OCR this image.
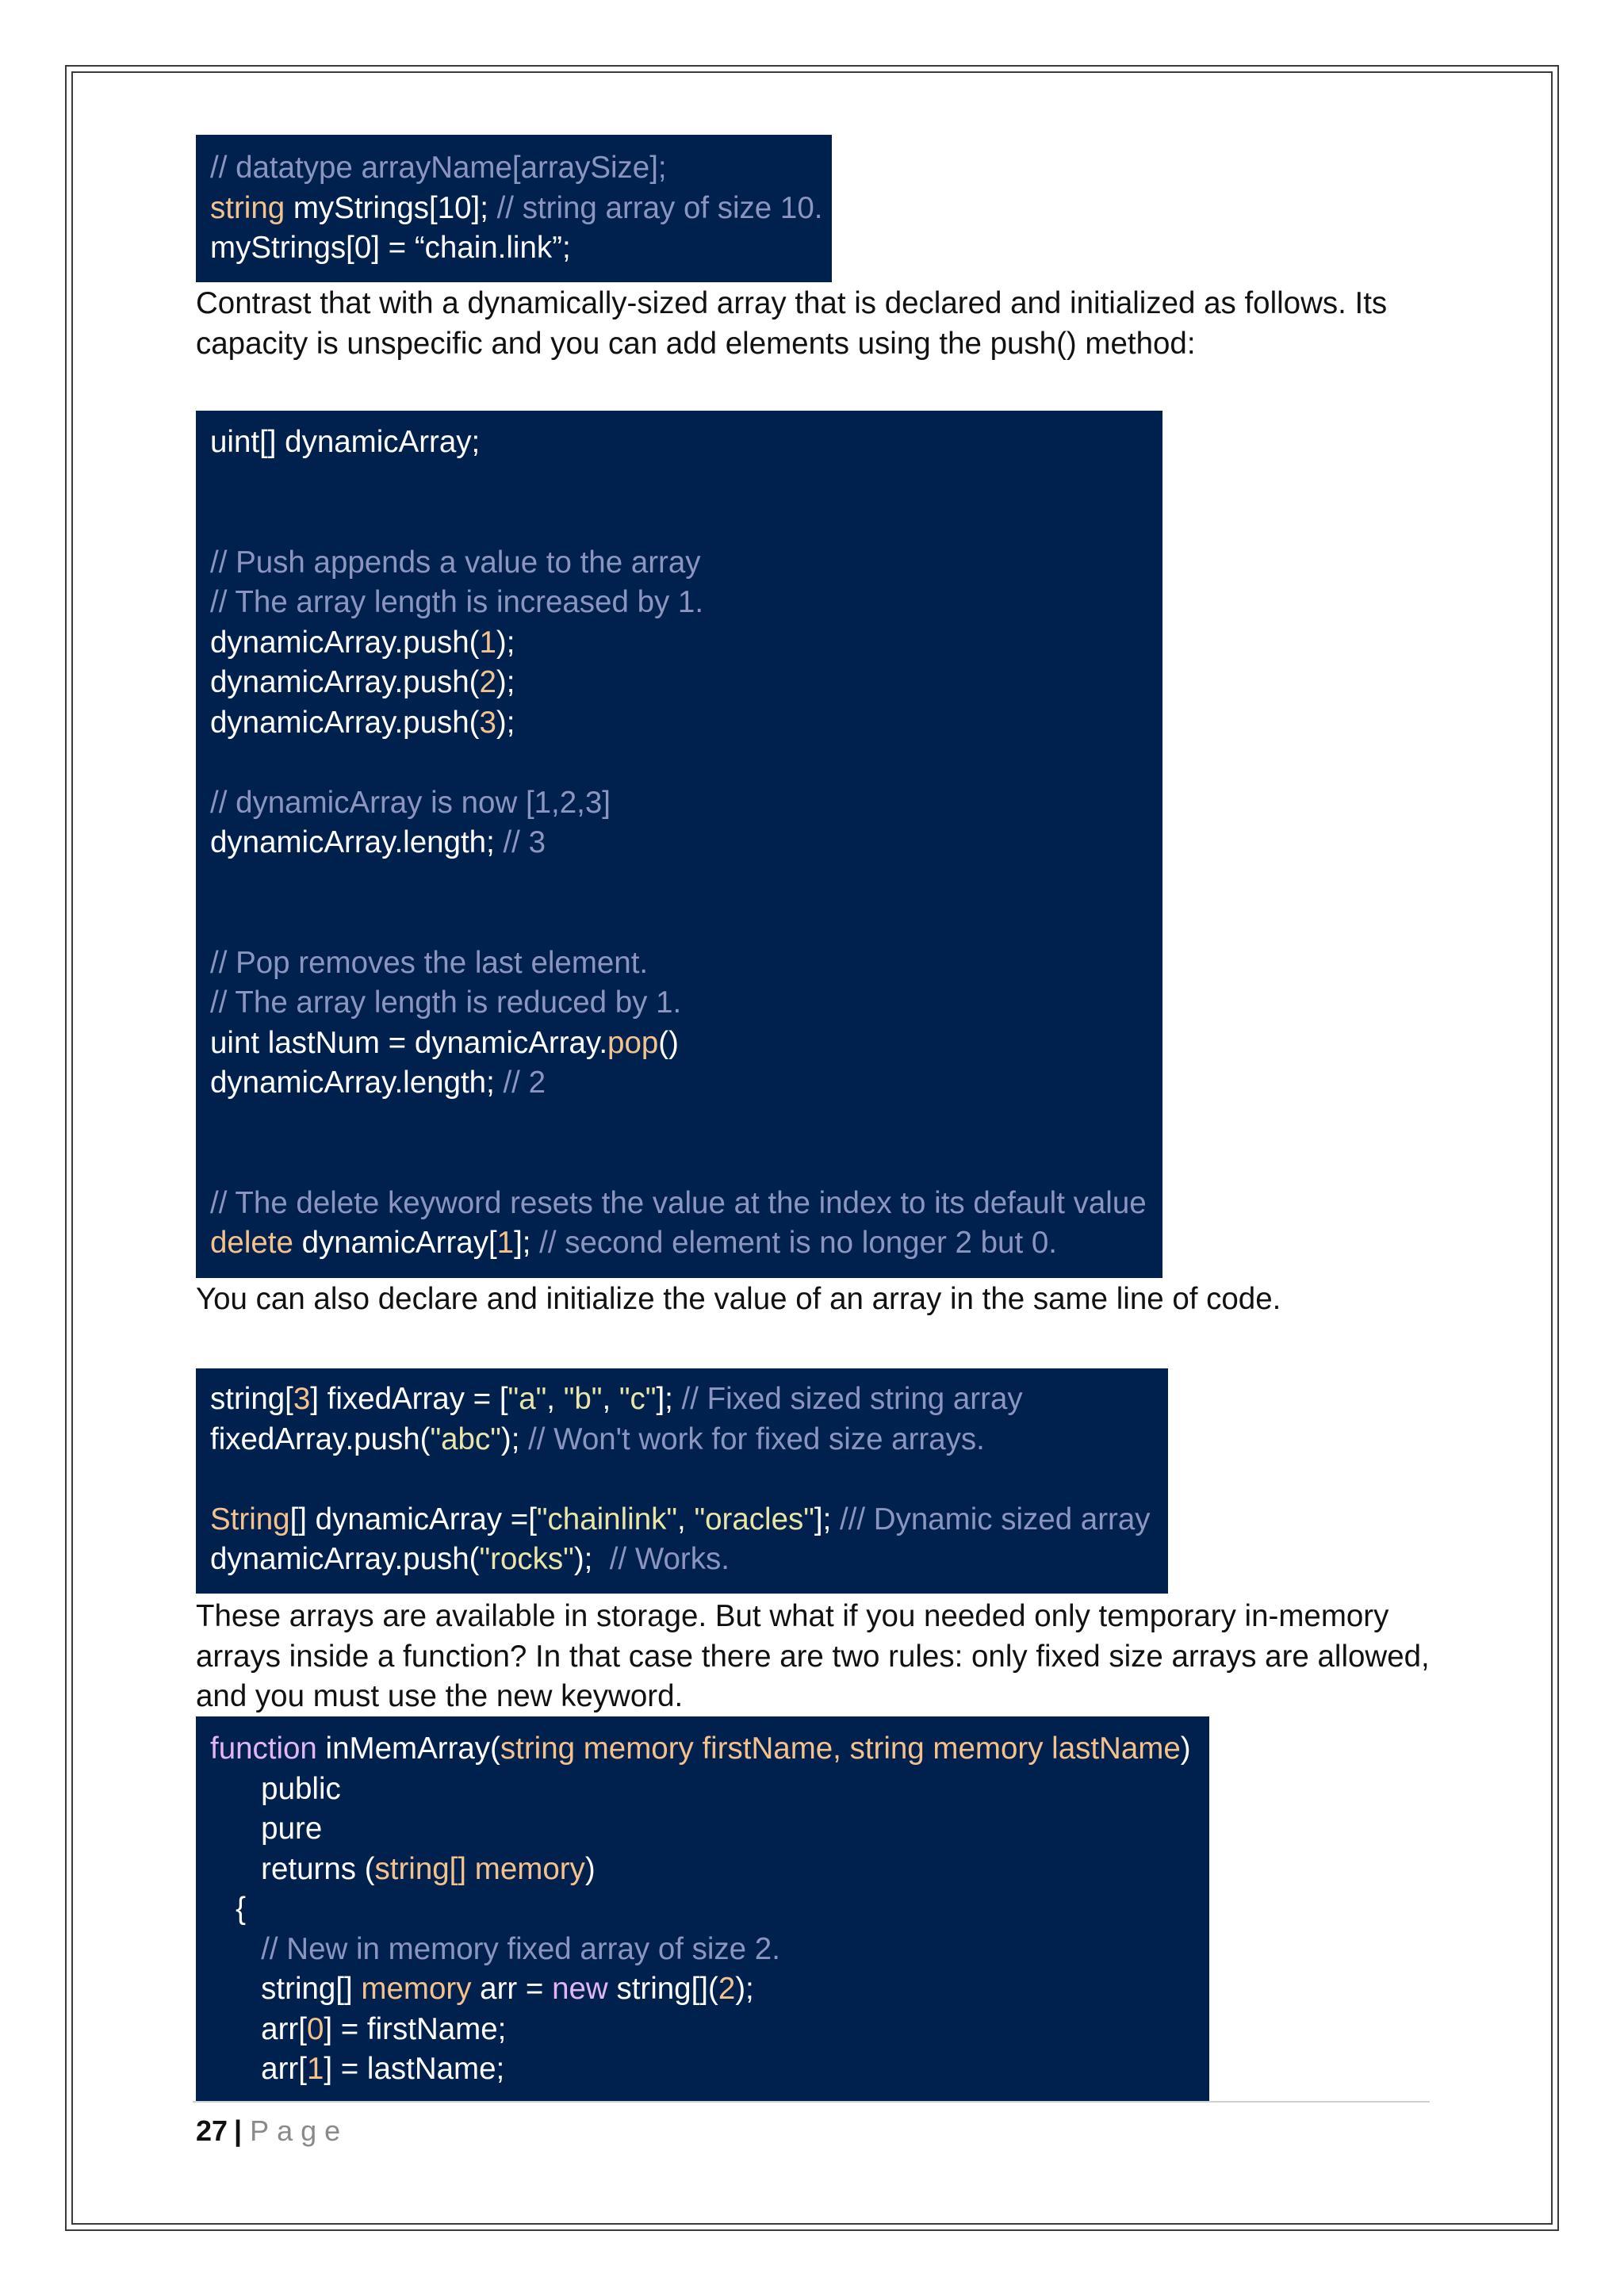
// datatype arrayName[arraySize];
string myStrings[10]; // string array of size 10.
myStrings[0] = “chain.link”;
Contrast that with a dynamically-sized array that is declared and initialized as follows. Its
capacity is unspecific and you can add elements using the push() method:
uint[] dynamicArray;
// Push appends a value to the array
// The array length is increased by 1.
dynamicArray.push(1);
dynamicArray.push(2);
dynamicArray.push(3);
// dynamicArray is now [1,2,3]
dynamicArray.length; // 3
// Pop removes the last element.
// The array length is reduced by 1.
uint lastNum = dynamicArray.pop()
dynamicArray.length; // 2
// The delete keyword resets the value at the index to its default value
delete dynamicArray[1]; // second element is no longer 2 but 0.
You can also declare and initialize the value of an array in the same line of code.
string[3] fixedArray = ["a", "b", "c"]; // Fixed sized string array
fixedArray.push("abc"); // Won't work for fixed size arrays.
String[] dynamicArray =["chainlink", "oracles"]; /// Dynamic sized array
dynamicArray.push("rocks");  // Works.
These arrays are available in storage. But what if you needed only temporary in-memory
arrays inside a function? In that case there are two rules: only fixed size arrays are allowed,
and you must use the new keyword.
function inMemArray(string memory firstName, string memory lastName)
public
pure
returns (string[] memory)
{
// New in memory fixed array of size 2.
string[] memory arr = new string[](2);
arr[0] = firstName;
arr[1] = lastName;
27 | Page
